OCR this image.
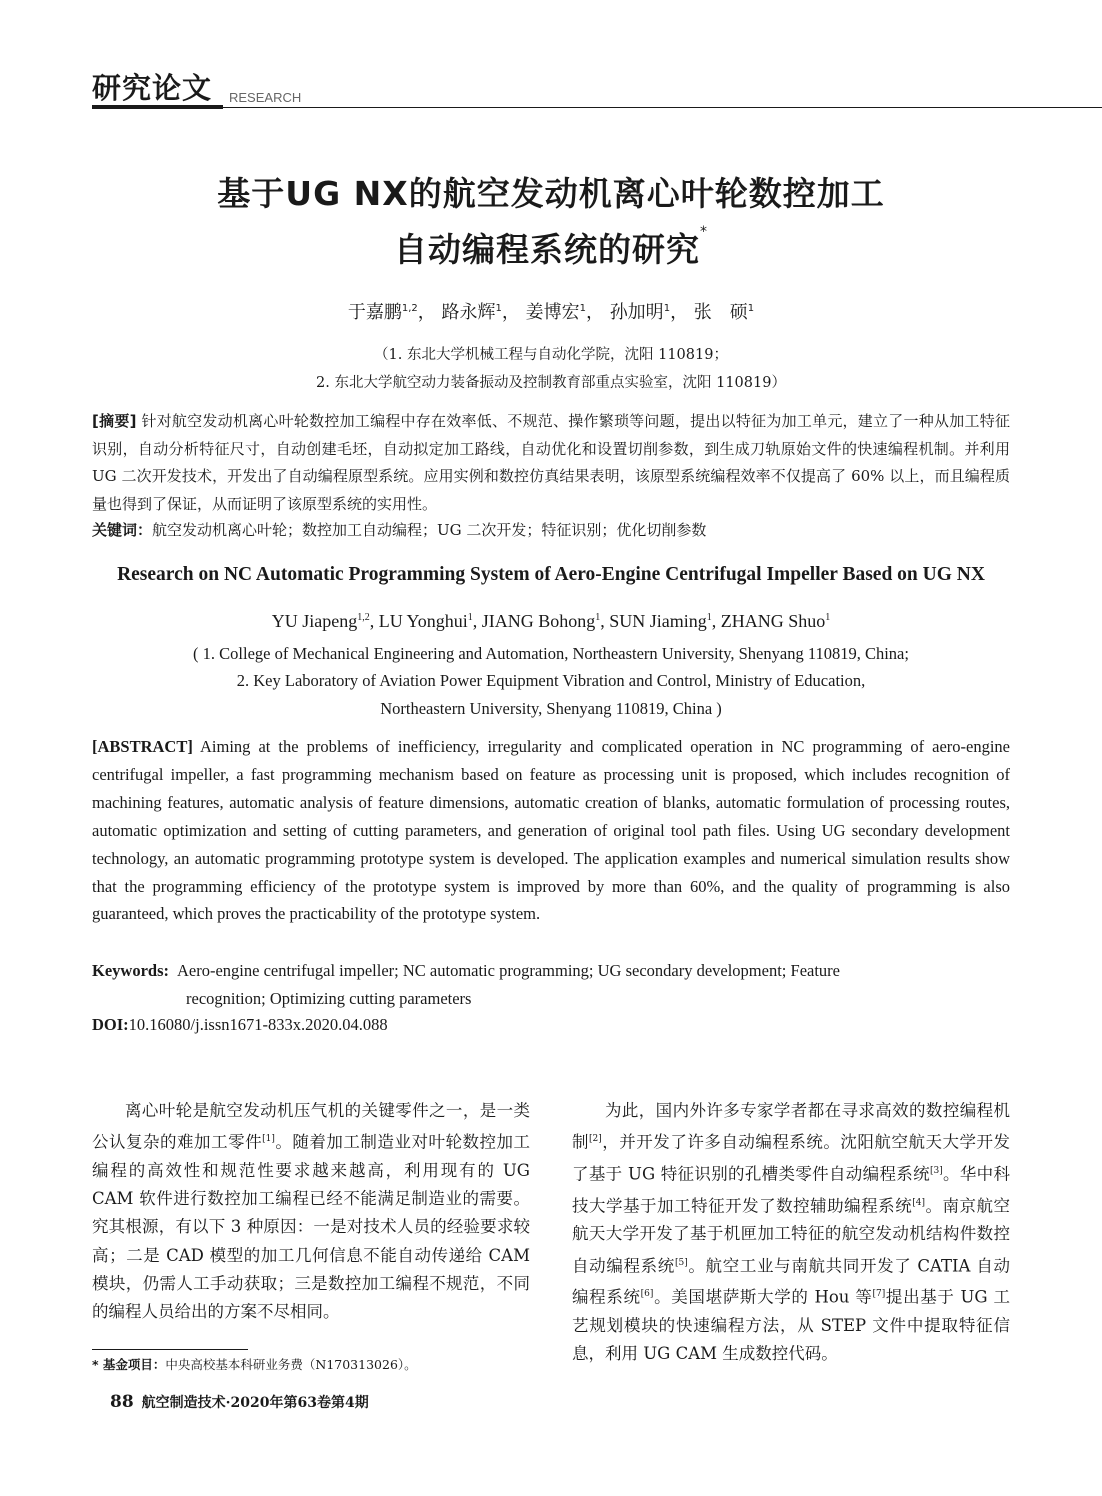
研究论文 RESEARCH
基于UG NX的航空发动机离心叶轮数控加工
自动编程系统的研究*
于嘉鹏$^{1,2}$， 路永辉$^1$， 姜博宏$^1$， 孙加明$^1$， 张　硕$^1$
（1. 东北大学机械工程与自动化学院，沈阳 110819；
2. 东北大学航空动力装备振动及控制教育部重点实验室，沈阳 110819）
[摘要] 针对航空发动机离心叶轮数控加工编程中存在效率低、不规范、操作繁琐等问题，提出以特征为加工单元，建立了一种从加工特征识别，自动分析特征尺寸，自动创建毛坯，自动拟定加工路线，自动优化和设置切削参数，到生成刀轨原始文件的快速编程机制。并利用 UG 二次开发技术，开发出了自动编程原型系统。应用实例和数控仿真结果表明，该原型系统编程效率不仅提高了 60% 以上，而且编程质量也得到了保证，从而证明了该原型系统的实用性。
关键词：航空发动机离心叶轮；数控加工自动编程；UG 二次开发；特征识别；优化切削参数
Research on NC Automatic Programming System of Aero-Engine Centrifugal Impeller Based on UG NX
YU Jiapeng$^{1,2}$, LU Yonghui$^1$, JIANG Bohong$^1$, SUN Jiaming$^1$, ZHANG Shuo$^1$
( 1. College of Mechanical Engineering and Automation, Northeastern University, Shenyang 110819, China;
2. Key Laboratory of Aviation Power Equipment Vibration and Control, Ministry of Education,
Northeastern University, Shenyang 110819, China )
[ABSTRACT] Aiming at the problems of inefficiency, irregularity and complicated operation in NC programming of aero-engine centrifugal impeller, a fast programming mechanism based on feature as processing unit is proposed, which includes recognition of machining features, automatic analysis of feature dimensions, automatic creation of blanks, automatic formulation of processing routes, automatic optimization and setting of cutting parameters, and generation of original tool path files. Using UG secondary development technology, an automatic programming prototype system is developed. The application examples and numerical simulation results show that the programming efficiency of the prototype system is improved by more than 60%, and the quality of programming is also guaranteed, which proves the practicability of the prototype system.
Keywords: Aero-engine centrifugal impeller; NC automatic programming; UG secondary development; Feature
recognition; Optimizing cutting parameters
DOI:10.16080/j.issn1671-833x.2020.04.088
离心叶轮是航空发动机压气机的关键零件之一，是一类公认复杂的难加工零件[1]。随着加工制造业对叶轮数控加工编程的高效性和规范性要求越来越高，利用现有的 UG CAM 软件进行数控加工编程已经不能满足制造业的需要。究其根源，有以下 3 种原因：一是对技术人员的经验要求较高；二是 CAD 模型的加工几何信息不能自动传递给 CAM 模块，仍需人工手动获取；三是数控加工编程不规范，不同的编程人员给出的方案不尽相同。
为此，国内外许多专家学者都在寻求高效的数控编程机制[2]，并开发了许多自动编程系统。沈阳航空航天大学开发了基于 UG 特征识别的孔槽类零件自动编程系统[3]。华中科技大学基于加工特征开发了数控辅助编程系统[4]。南京航空航天大学开发了基于机匣加工特征的航空发动机结构件数控自动编程系统[5]。航空工业与南航共同开发了 CATIA 自动编程系统[6]。美国堪萨斯大学的 Hou 等[7]提出基于 UG 工艺规划模块的快速编程方法，从 STEP 文件中提取特征信息，利用 UG CAM 生成数控代码。
* 基金项目：中央高校基本科研业务费（N170313026）。
88 航空制造技术·2020年第63卷第4期
